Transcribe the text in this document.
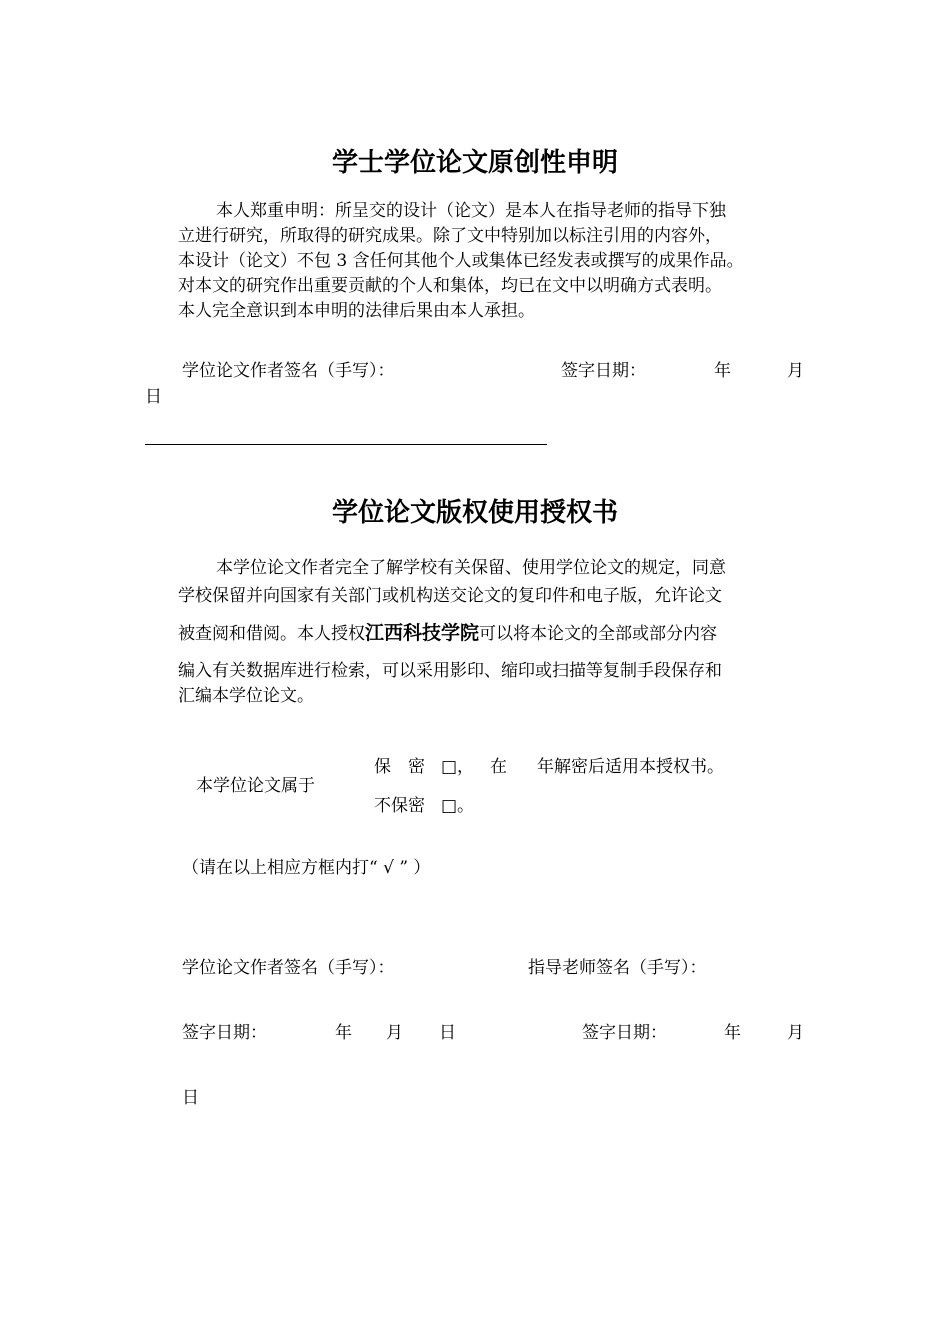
学士学位论文原创性申明
本人郑重申明：所呈交的设计（论文）是本人在指导老师的指导下独
立进行研究，所取得的研究成果。除了文中特别加以标注引用的内容外，
本设计（论文）不包 3 含任何其他个人或集体已经发表或撰写的成果作品。
对本文的研究作出重要贡献的个人和集体，均已在文中以明确方式表明。
本人完全意识到本申明的法律后果由本人承担。
学位论文作者签名（手写）：	签字日期：	年	月
日
学位论文版权使用授权书
本学位论文作者完全了解学校有关保留、使用学位论文的规定，同意
学校保留并向国家有关部门或机构送交论文的复印件和电子版，允许论文
被查阅和借阅。本人授权江西科技学院可以将本论文的全部或部分内容
编入有关数据库进行检索，可以采用影印、缩印或扫描等复制手段保存和
汇编本学位论文。
本学位论文属于
保　密 □， 在 年解密后适用本授权书。
不保密 □。
（请在以上相应方框内打“ √ ” ）
学位论文作者签名（手写）：	指导老师签名（手写）：
签字日期：	年 月 日	签字日期：	年	月
日
